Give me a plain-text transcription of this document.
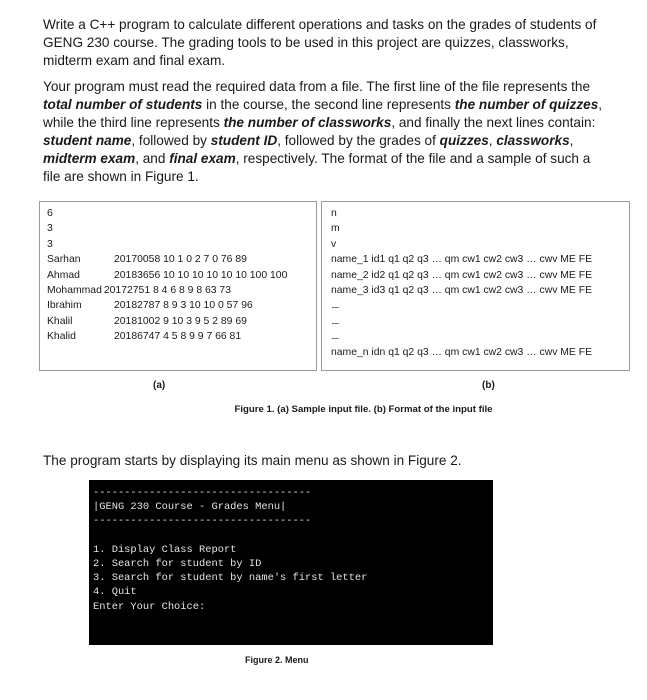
Write a C++ program to calculate different operations and tasks on the grades of students of GENG 230 course. The grading tools to be used in this project are quizzes, classworks, midterm exam and final exam.

Your program must read the required data from a file. The first line of the file represents the total number of students in the course, the second line represents the number of quizzes, while the third line represents the number of classworks, and finally the next lines contain: student name, followed by student ID, followed by the grades of quizzes, classworks, midterm exam, and final exam, respectively. The format of the file and a sample of such a file are shown in Figure 1.

6
3
3
Sarhan	20170058 10 1 0 2 7 0 76 89
Ahmad	20183656 10 10 10 10 10 10 100 100
Mohammad 20172751 8 4 6 8 9 8 63 73
Ibrahim	20182787 8 9 3 10 10 0 57 96
Khalil	20181002 9 10 3 9 5 2 89 69
Khalid	20186747 4 5 8 9 9 7 66 81
n
m
v
name_1 id1 q1 q2 q3 … qm cw1 cw2 cw3 … cwv ME FE
name_2 id2 q1 q2 q3 … qm cw1 cw2 cw3 … cwv ME FE
name_3 id3 q1 q2 q3 … qm cw1 cw2 cw3 … cwv ME FE
.....
.....
.....
name_n idn q1 q2 q3 … qm cw1 cw2 cw3 … cwv ME FE
(a)	(b)
Figure 1. (a) Sample input file. (b) Format of the input file

The program starts by displaying its main menu as shown in Figure 2.

-----------------------------------
|GENG 230 Course - Grades Menu|
-----------------------------------
1. Display Class Report
2. Search for student by ID
3. Search for student by name's first letter
4. Quit
Enter Your Choice:
Figure 2. Menu
